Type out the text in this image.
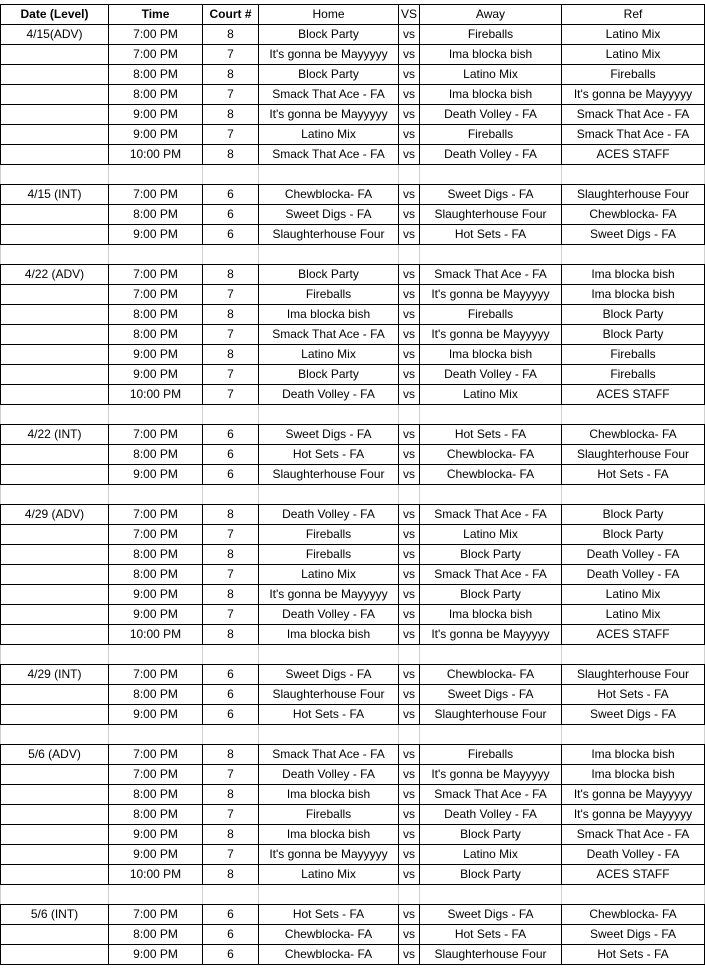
Date (Level)	Time	Court #	Home	VS	Away	Ref
4/15(ADV)	7:00 PM	8	Block Party	vs	Fireballs	Latino Mix
	7:00 PM	7	It's gonna be Mayyyyy	vs	Ima blocka bish	Latino Mix
	8:00 PM	8	Block Party	vs	Latino Mix	Fireballs
	8:00 PM	7	Smack That Ace - FA	vs	Ima blocka bish	It's gonna be Mayyyyy
	9:00 PM	8	It's gonna be Mayyyyy	vs	Death Volley - FA	Smack That Ace - FA
	9:00 PM	7	Latino Mix	vs	Fireballs	Smack That Ace - FA
	10:00 PM	8	Smack That Ace - FA	vs	Death Volley - FA	ACES STAFF

4/15 (INT)	7:00 PM	6	Chewblocka- FA	vs	Sweet Digs - FA	Slaughterhouse Four
	8:00 PM	6	Sweet Digs - FA	vs	Slaughterhouse Four	Chewblocka- FA
	9:00 PM	6	Slaughterhouse Four	vs	Hot Sets - FA	Sweet Digs - FA

4/22 (ADV)	7:00 PM	8	Block Party	vs	Smack That Ace - FA	Ima blocka bish
	7:00 PM	7	Fireballs	vs	It's gonna be Mayyyyy	Ima blocka bish
	8:00 PM	8	Ima blocka bish	vs	Fireballs	Block Party
	8:00 PM	7	Smack That Ace - FA	vs	It's gonna be Mayyyyy	Block Party
	9:00 PM	8	Latino Mix	vs	Ima blocka bish	Fireballs
	9:00 PM	7	Block Party	vs	Death Volley - FA	Fireballs
	10:00 PM	7	Death Volley - FA	vs	Latino Mix	ACES STAFF

4/22 (INT)	7:00 PM	6	Sweet Digs - FA	vs	Hot Sets - FA	Chewblocka- FA
	8:00 PM	6	Hot Sets - FA	vs	Chewblocka- FA	Slaughterhouse Four
	9:00 PM	6	Slaughterhouse Four	vs	Chewblocka- FA	Hot Sets - FA

4/29 (ADV)	7:00 PM	8	Death Volley - FA	vs	Smack That Ace - FA	Block Party
	7:00 PM	7	Fireballs	vs	Latino Mix	Block Party
	8:00 PM	8	Fireballs	vs	Block Party	Death Volley - FA
	8:00 PM	7	Latino Mix	vs	Smack That Ace - FA	Death Volley - FA
	9:00 PM	8	It's gonna be Mayyyyy	vs	Block Party	Latino Mix
	9:00 PM	7	Death Volley - FA	vs	Ima blocka bish	Latino Mix
	10:00 PM	8	Ima blocka bish	vs	It's gonna be Mayyyyy	ACES STAFF

4/29 (INT)	7:00 PM	6	Sweet Digs - FA	vs	Chewblocka- FA	Slaughterhouse Four
	8:00 PM	6	Slaughterhouse Four	vs	Sweet Digs - FA	Hot Sets - FA
	9:00 PM	6	Hot Sets - FA	vs	Slaughterhouse Four	Sweet Digs - FA

5/6 (ADV)	7:00 PM	8	Smack That Ace - FA	vs	Fireballs	Ima blocka bish
	7:00 PM	7	Death Volley - FA	vs	It's gonna be Mayyyyy	Ima blocka bish
	8:00 PM	8	Ima blocka bish	vs	Smack That Ace - FA	It's gonna be Mayyyyy
	8:00 PM	7	Fireballs	vs	Death Volley - FA	It's gonna be Mayyyyy
	9:00 PM	8	Ima blocka bish	vs	Block Party	Smack That Ace - FA
	9:00 PM	7	It's gonna be Mayyyyy	vs	Latino Mix	Death Volley - FA
	10:00 PM	8	Latino Mix	vs	Block Party	ACES STAFF

5/6 (INT)	7:00 PM	6	Hot Sets - FA	vs	Sweet Digs - FA	Chewblocka- FA
	8:00 PM	6	Chewblocka- FA	vs	Hot Sets - FA	Sweet Digs - FA
	9:00 PM	6	Chewblocka- FA	vs	Slaughterhouse Four	Hot Sets - FA
